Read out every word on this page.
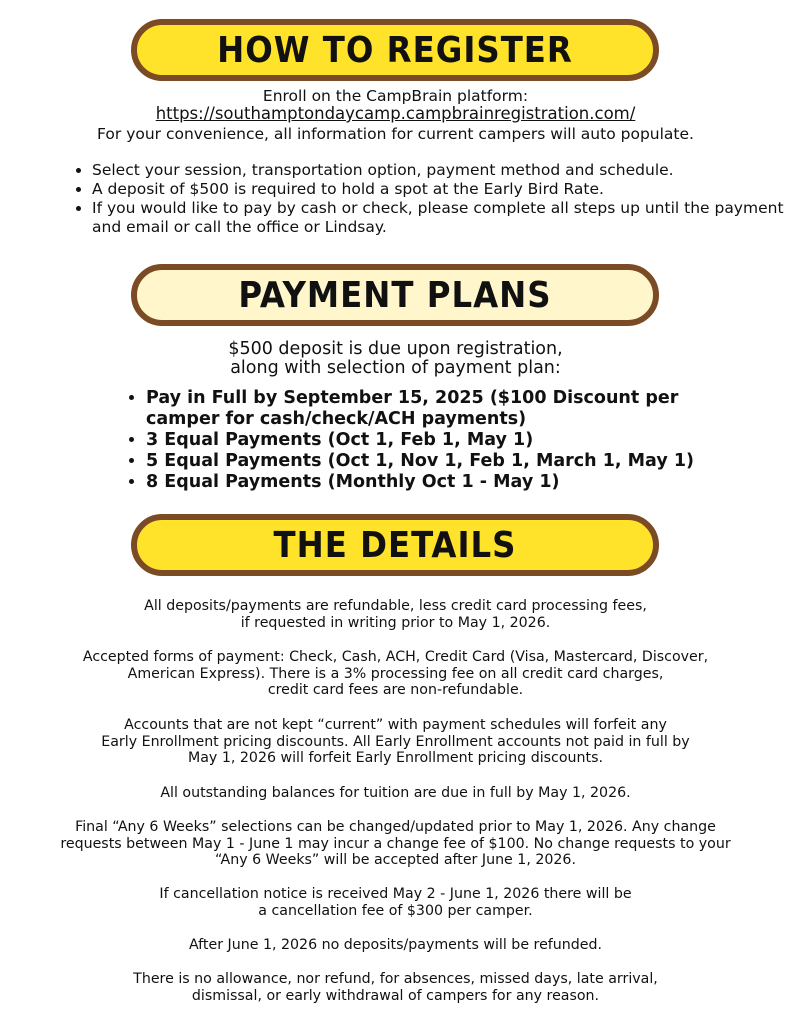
HOW TO REGISTER
Enroll on the CampBrain platform:
https://southamptondaycamp.campbrainregistration.com/
For your convenience, all information for current campers will auto populate.
• Select your session, transportation option, payment method and schedule.
• A deposit of $500 is required to hold a spot at the Early Bird Rate.
• If you would like to pay by cash or check, please complete all steps up until the payment and email or call the office or Lindsay.
PAYMENT PLANS
$500 deposit is due upon registration,
along with selection of payment plan:
• Pay in Full by September 15, 2025 ($100 Discount per camper for cash/check/ACH payments)
• 3 Equal Payments (Oct 1, Feb 1, May 1)
• 5 Equal Payments (Oct 1, Nov 1, Feb 1, March 1, May 1)
• 8 Equal Payments (Monthly Oct 1 - May 1)
THE DETAILS
All deposits/payments are refundable, less credit card processing fees,
if requested in writing prior to May 1, 2026.
Accepted forms of payment: Check, Cash, ACH, Credit Card (Visa, Mastercard, Discover,
American Express). There is a 3% processing fee on all credit card charges,
credit card fees are non-refundable.
Accounts that are not kept “current” with payment schedules will forfeit any
Early Enrollment pricing discounts. All Early Enrollment accounts not paid in full by
May 1, 2026 will forfeit Early Enrollment pricing discounts.
All outstanding balances for tuition are due in full by May 1, 2026.
Final “Any 6 Weeks” selections can be changed/updated prior to May 1, 2026. Any change
requests between May 1 - June 1 may incur a change fee of $100. No change requests to your
“Any 6 Weeks” will be accepted after June 1, 2026.
If cancellation notice is received May 2 - June 1, 2026 there will be
a cancellation fee of $300 per camper.
After June 1, 2026 no deposits/payments will be refunded.
There is no allowance, nor refund, for absences, missed days, late arrival,
dismissal, or early withdrawal of campers for any reason.
